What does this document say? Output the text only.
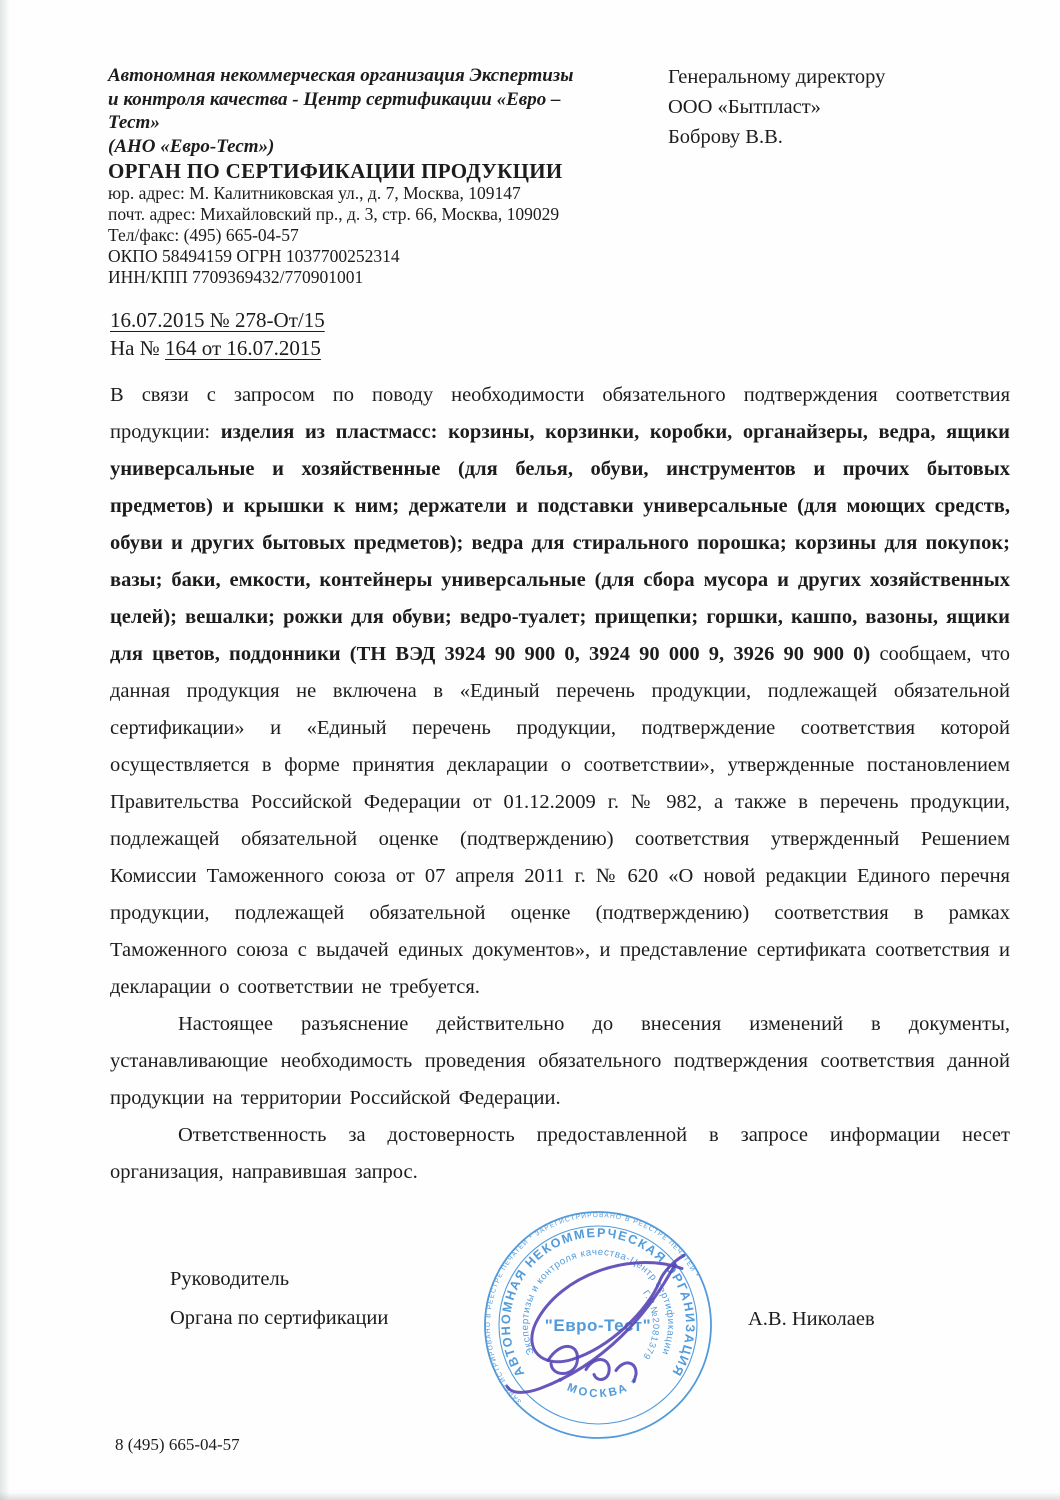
Автономная некоммерческая организация Экспертизы
и контроля качества - Центр сертификации «Евро –
Тест»
(АНО «Евро-Тест»)
ОРГАН ПО СЕРТИФИКАЦИИ ПРОДУКЦИИ
юр. адрес: М. Калитниковская ул., д. 7, Москва, 109147
почт. адрес: Михайловский пр., д. 3, стр. 66, Москва, 109029
Тел/факс: (495) 665-04-57
ОКПО 58494159 ОГРН 1037700252314
ИНН/КПП 7709369432/770901001
Генеральному директору
ООО «Бытпласт»
Боброву В.В.
16.07.2015 № 278-От/15
На № 164 от 16.07.2015

В связи с запросом по поводу необходимости обязательного подтверждения соответствия продукции: изделия из пластмасс: корзины, корзинки, коробки, органайзеры, ведра, ящики универсальные и хозяйственные (для белья, обуви, инструментов и прочих бытовых предметов) и крышки к ним; держатели и подставки универсальные (для моющих средств, обуви и других бытовых предметов); ведра для стирального порошка; корзины для покупок; вазы; баки, емкости, контейнеры универсальные (для сбора мусора и других хозяйственных целей); вешалки; рожки для обуви; ведро-туалет; прищепки; горшки, кашпо, вазоны, ящики для цветов, поддонники (ТН ВЭД 3924 90 900 0, 3924 90 000 9, 3926 90 900 0) сообщаем, что данная продукция не включена в «Единый перечень продукции, подлежащей обязательной сертификации» и «Единый перечень продукции, подтверждение соответствия которой осуществляется в форме принятия декларации о соответствии», утвержденные постановлением Правительства Российской Федерации от 01.12.2009 г. № 982, а также в перечень продукции, подлежащей обязательной оценке (подтверждению) соответствия утвержденный Решением Комиссии Таможенного союза от 07 апреля 2011 г. № 620 «О новой редакции Единого перечня продукции, подлежащей обязательной оценке (подтверждению) соответствия в рамках Таможенного союза с выдачей единых документов», и представление сертификата соответствия и декларации о соответствии не требуется.

Настоящее разъяснение действительно до внесения изменений в документы, устанавливающие необходимость проведения обязательного подтверждения соответствия данной продукции на территории Российской Федерации.

Ответственность за достоверность предоставленной в запросе информации несет организация, направившая запрос.

Руководитель
Органа по сертификации	А.В. Николаев
ЗАРЕГИСТРИРОВАНО В РЕЕСТРЕ ПЕЧАТЕЙ * ЗАРЕГИСТРИРОВАНО В РЕЕСТРЕ ПЕЧАТЕЙ *
АВТОНОМНАЯ НЕКОММЕРЧЕСКАЯ ОРГАНИЗАЦИЯ
Экспертизы и контроля качества-Центр сертификации
Г.Р.№2081379
* МОСКВА *
"Евро-Тест"
8 (495) 665-04-57
